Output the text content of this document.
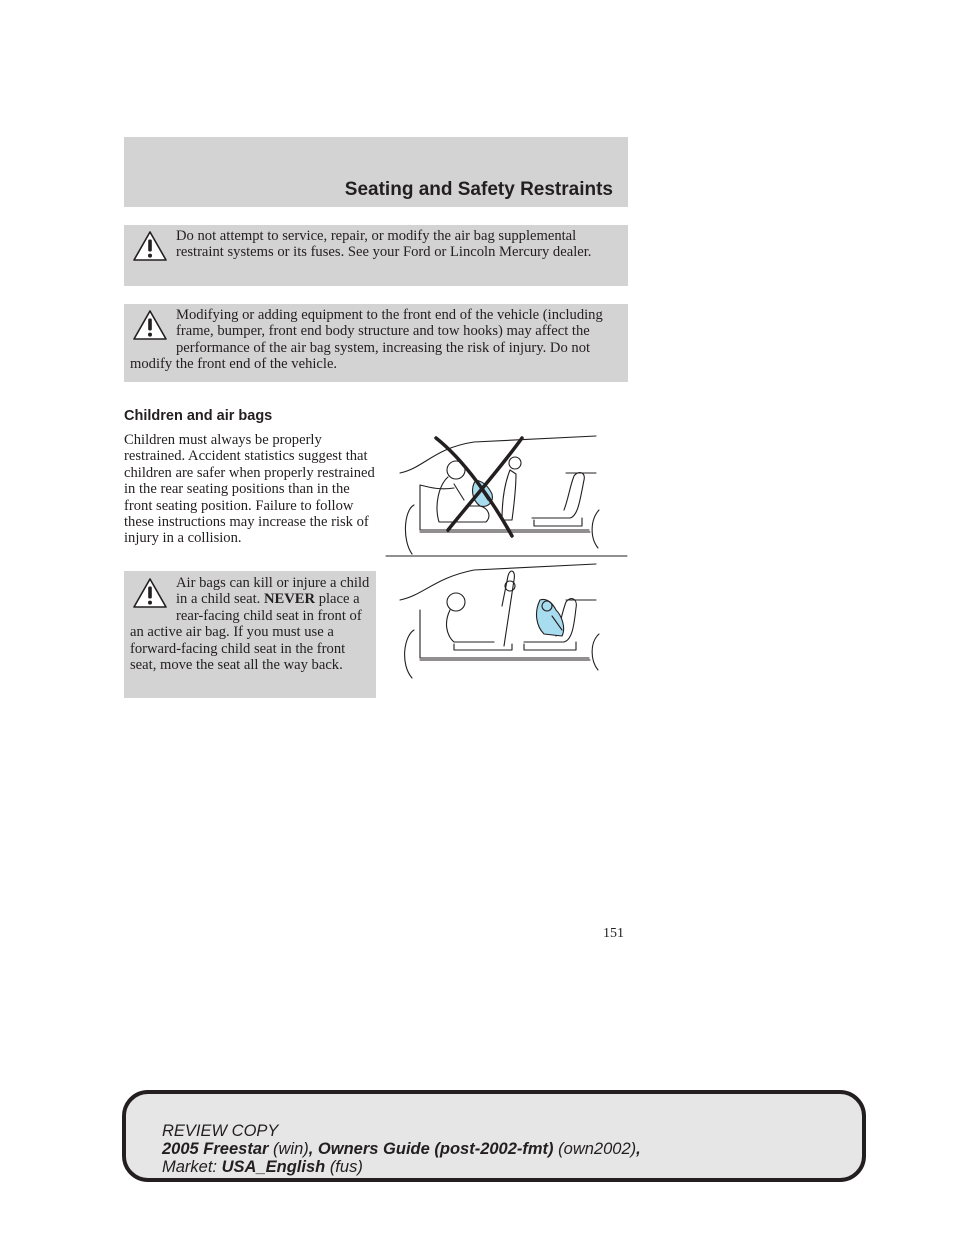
Seating and Safety Restraints

Do not attempt to service, repair, or modify the air bag supplemental restraint systems or its fuses. See your Ford or Lincoln Mercury dealer.

Modifying or adding equipment to the front end of the vehicle (including frame, bumper, front end body structure and tow hooks) may affect the performance of the air bag system, increasing the risk of injury. Do not modify the front end of the vehicle.

Children and air bags

Children must always be properly restrained. Accident statistics suggest that children are safer when properly restrained in the rear seating positions than in the front seating position. Failure to follow these instructions may increase the risk of injury in a collision.

Air bags can kill or injure a child in a child seat. NEVER place a rear-facing child seat in front of an active air bag. If you must use a forward-facing child seat in the front seat, move the seat all the way back.

151
REVIEW COPY
2005 Freestar (win), Owners Guide (post-2002-fmt) (own2002),
Market: USA_English (fus)
